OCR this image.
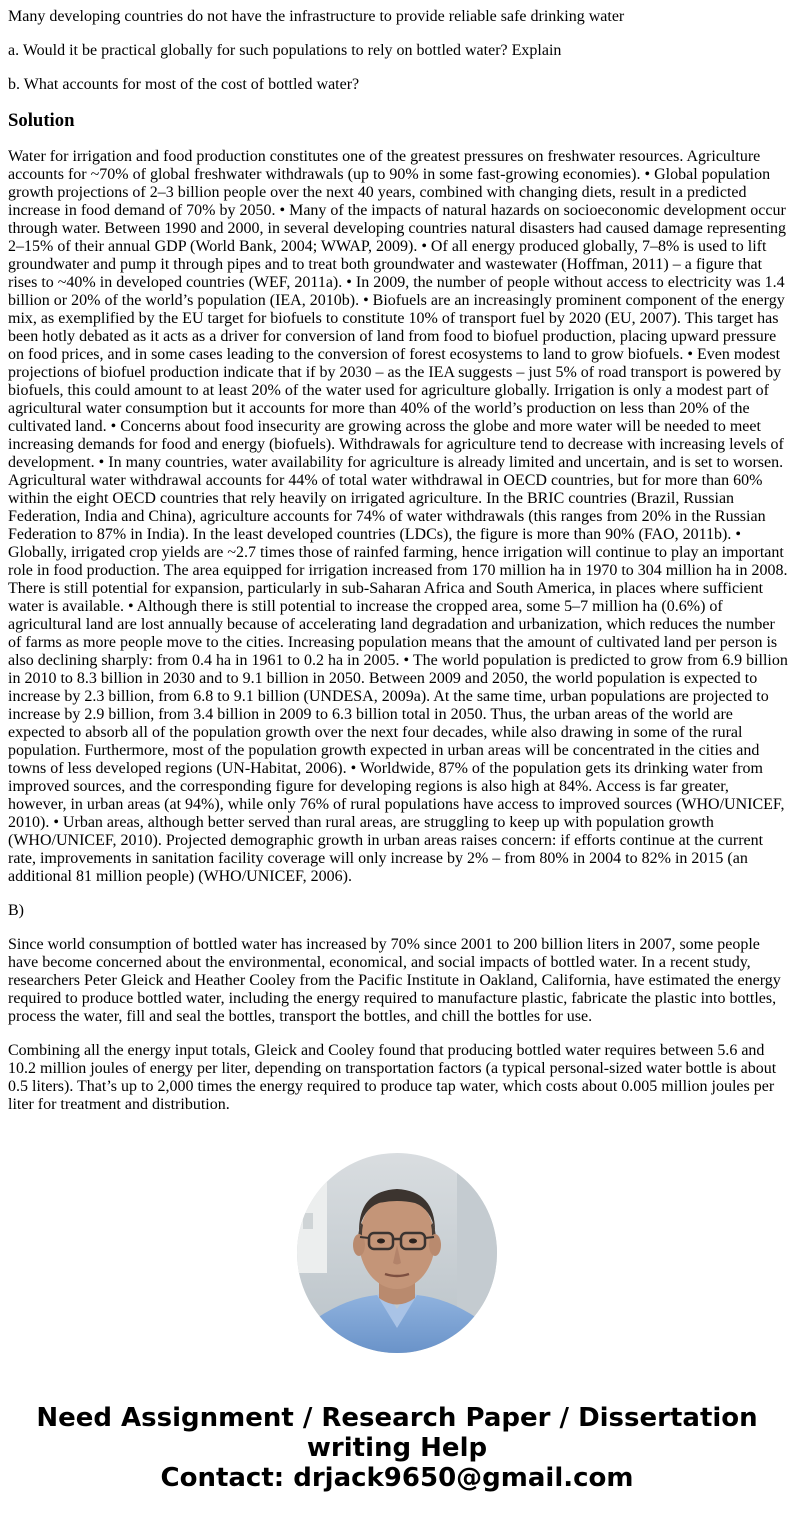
Many developing countries do not have the infrastructure to provide reliable safe drinking water

a. Would it be practical globally for such populations to rely on bottled water? Explain

b. What accounts for most of the cost of bottled water?

Solution

Water for irrigation and food production constitutes one of the greatest pressures on freshwater resources. Agriculture accounts for ~70% of global freshwater withdrawals (up to 90% in some fast-growing economies). • Global population growth projections of 2–3 billion people over the next 40 years, combined with changing diets, result in a predicted increase in food demand of 70% by 2050. • Many of the impacts of natural hazards on socioeconomic development occur through water. Between 1990 and 2000, in several developing countries natural disasters had caused damage representing 2–15% of their annual GDP (World Bank, 2004; WWAP, 2009). • Of all energy produced globally, 7–8% is used to lift groundwater and pump it through pipes and to treat both groundwater and wastewater (Hoffman, 2011) – a figure that rises to ~40% in developed countries (WEF, 2011a). • In 2009, the number of people without access to electricity was 1.4 billion or 20% of the world’s population (IEA, 2010b). • Biofuels are an increasingly prominent component of the energy mix, as exemplified by the EU target for biofuels to constitute 10% of transport fuel by 2020 (EU, 2007). This target has been hotly debated as it acts as a driver for conversion of land from food to biofuel production, placing upward pressure on food prices, and in some cases leading to the conversion of forest ecosystems to land to grow biofuels. • Even modest projections of biofuel production indicate that if by 2030 – as the IEA suggests – just 5% of road transport is powered by biofuels, this could amount to at least 20% of the water used for agriculture globally. Irrigation is only a modest part of agricultural water consumption but it accounts for more than 40% of the world’s production on less than 20% of the cultivated land. • Concerns about food insecurity are growing across the globe and more water will be needed to meet increasing demands for food and energy (biofuels). Withdrawals for agriculture tend to decrease with increasing levels of development. • In many countries, water availability for agriculture is already limited and uncertain, and is set to worsen. Agricultural water withdrawal accounts for 44% of total water withdrawal in OECD countries, but for more than 60% within the eight OECD countries that rely heavily on irrigated agriculture. In the BRIC countries (Brazil, Russian Federation, India and China), agriculture accounts for 74% of water withdrawals (this ranges from 20% in the Russian Federation to 87% in India). In the least developed countries (LDCs), the figure is more than 90% (FAO, 2011b). • Globally, irrigated crop yields are ~2.7 times those of rainfed farming, hence irrigation will continue to play an important role in food production. The area equipped for irrigation increased from 170 million ha in 1970 to 304 million ha in 2008. There is still potential for expansion, particularly in sub-Saharan Africa and South America, in places where sufficient water is available. • Although there is still potential to increase the cropped area, some 5–7 million ha (0.6%) of agricultural land are lost annually because of accelerating land degradation and urbanization, which reduces the number of farms as more people move to the cities. Increasing population means that the amount of cultivated land per person is also declining sharply: from 0.4 ha in 1961 to 0.2 ha in 2005. • The world population is predicted to grow from 6.9 billion in 2010 to 8.3 billion in 2030 and to 9.1 billion in 2050. Between 2009 and 2050, the world population is expected to increase by 2.3 billion, from 6.8 to 9.1 billion (UNDESA, 2009a). At the same time, urban populations are projected to increase by 2.9 billion, from 3.4 billion in 2009 to 6.3 billion total in 2050. Thus, the urban areas of the world are expected to absorb all of the population growth over the next four decades, while also drawing in some of the rural population. Furthermore, most of the population growth expected in urban areas will be concentrated in the cities and towns of less developed regions (UN-Habitat, 2006). • Worldwide, 87% of the population gets its drinking water from improved sources, and the corresponding figure for developing regions is also high at 84%. Access is far greater, however, in urban areas (at 94%), while only 76% of rural populations have access to improved sources (WHO/UNICEF, 2010). • Urban areas, although better served than rural areas, are struggling to keep up with population growth (WHO/UNICEF, 2010). Projected demographic growth in urban areas raises concern: if efforts continue at the current rate, improvements in sanitation facility coverage will only increase by 2% – from 80% in 2004 to 82% in 2015 (an additional 81 million people) (WHO/UNICEF, 2006).

B)

Since world consumption of bottled water has increased by 70% since 2001 to 200 billion liters in 2007, some people have become concerned about the environmental, economical, and social impacts of bottled water. In a recent study, researchers Peter Gleick and Heather Cooley from the Pacific Institute in Oakland, California, have estimated the energy required to produce bottled water, including the energy required to manufacture plastic, fabricate the plastic into bottles, process the water, fill and seal the bottles, transport the bottles, and chill the bottles for use.

Combining all the energy input totals, Gleick and Cooley found that producing bottled water requires between 5.6 and 10.2 million joules of energy per liter, depending on transportation factors (a typical personal-sized water bottle is about 0.5 liters). That’s up to 2,000 times the energy required to produce tap water, which costs about 0.005 million joules per liter for treatment and distribution.

Need Assignment / Research Paper / Dissertation
writing Help
Contact: drjack9650@gmail.com
